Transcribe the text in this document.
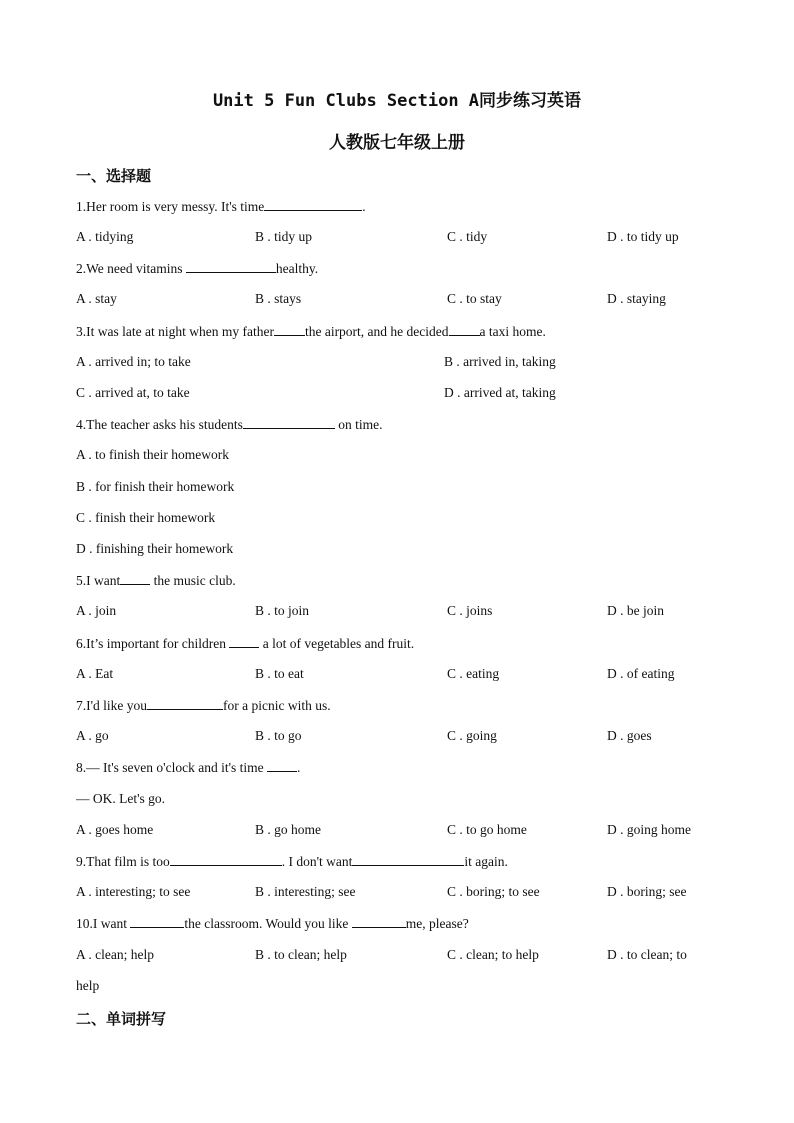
Unit 5 Fun Clubs Section A同步练习英语
人教版七年级上册
一、选择题
1.Her room is very messy. It's time	.
A . tidying	B . tidy up	C . tidy	D . to tidy up
2.We need vitamins	healthy.
A . stay	B . stays	C . to stay	D . staying
3.It was late at night when my father the airport, and he decided a taxi home.
A . arrived in; to take	B . arrived in, taking
C . arrived at, to take	D . arrived at, taking
4.The teacher asks his students	on time.
A . to finish their homework
B . for finish their homework
C . finish their homework
D . finishing their homework
5.I want the music club.
A . join	B . to join	C . joins	D . be join
6.It’s important for children  a lot of vegetables and fruit.
A . Eat	B . to eat	C . eating	D . of eating
7.I'd like you	for a picnic with us.
A . go	B . to go	C . going	D . goes
8.— It's seven o'clock and it's time .
— OK. Let's go.
A . goes home	B . go home	C . to go home	D . going home
9.That film is too	. I don't want	it again.
A . interesting; to see	B . interesting; see	C . boring; to see	D . boring; see
10.I want	the classroom. Would you like	me, please?
A . clean; help	B . to clean; help	C . clean; to help	D . to clean; to
help
二、单词拼写
